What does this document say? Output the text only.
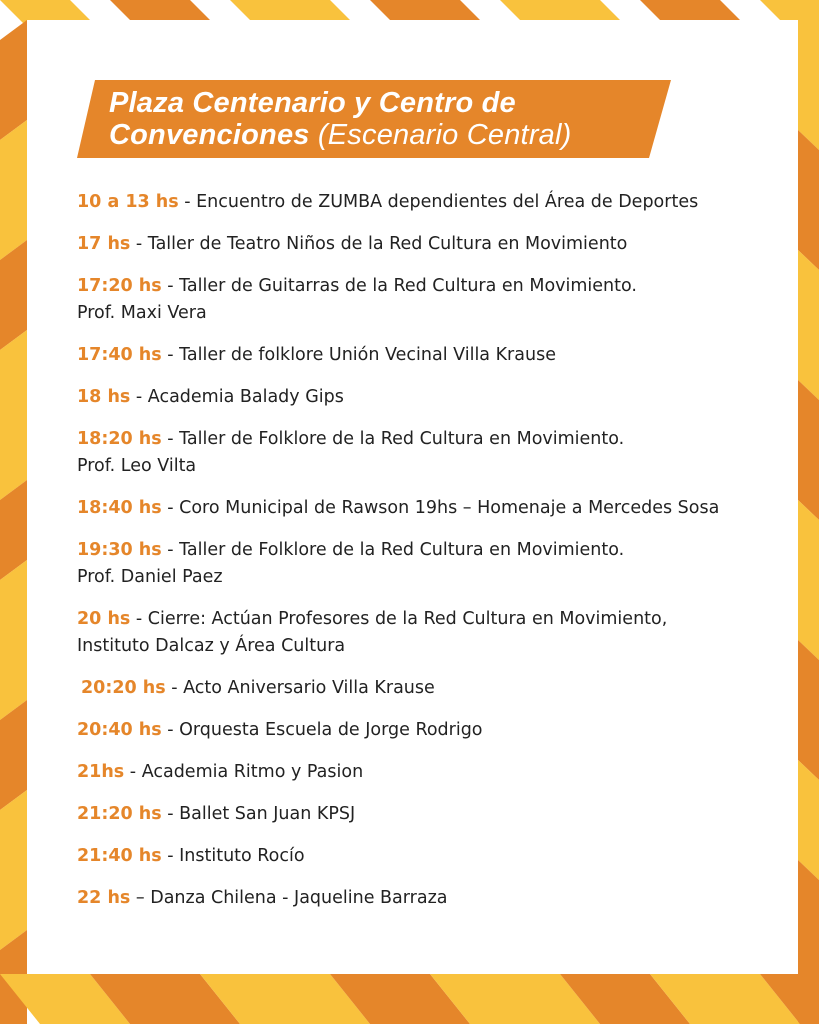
Plaza Centenario y Centro de
Convenciones (Escenario Central)
10 a 13 hs - Encuentro de ZUMBA dependientes del Área de Deportes
17 hs - Taller de Teatro Niños de la Red Cultura en Movimiento
17:20 hs - Taller de Guitarras de la Red Cultura en Movimiento.
Prof. Maxi Vera
17:40 hs - Taller de folklore Unión Vecinal Villa Krause
18 hs - Academia Balady Gips
18:20 hs - Taller de Folklore de la Red Cultura en Movimiento.
Prof. Leo Vilta
18:40 hs - Coro Municipal de Rawson 19hs – Homenaje a Mercedes Sosa
19:30 hs - Taller de Folklore de la Red Cultura en Movimiento.
Prof. Daniel Paez
20 hs - Cierre: Actúan Profesores de la Red Cultura en Movimiento,
Instituto Dalcaz y Área Cultura
20:20 hs - Acto Aniversario Villa Krause
20:40 hs - Orquesta Escuela de Jorge Rodrigo
21hs - Academia Ritmo y Pasion
21:20 hs - Ballet San Juan KPSJ
21:40 hs - Instituto Rocío
22 hs – Danza Chilena - Jaqueline Barraza
